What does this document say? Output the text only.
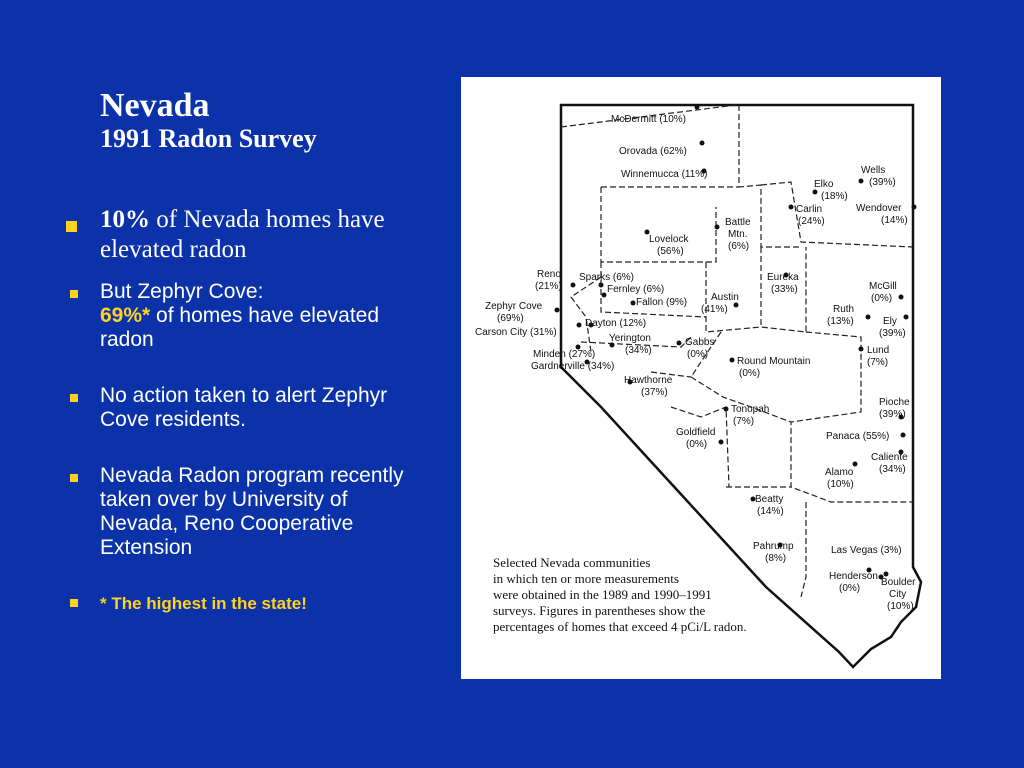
Nevada
1991 Radon Survey
10% of Nevada homes have elevated radon
But Zephyr Cove:
69%* of homes have elevated radon
No action taken to alert Zephyr Cove residents.
Nevada Radon program recently taken over by University of Nevada, Reno Cooperative Extension
* The highest in the state!
McDermitt (10%)
Orovada (62%)
Winnemucca (11%)	Wells
(39%)
Elko
(18%)
Carlin
(24%)
Wendover
(14%)
Battle
Mtn.
(6%)
Lovelock
(56%)
Reno
(21%)
Sparks (6%)
Fernley (6%)
Fallon (9%)
Zephyr Cove
(69%)
Carson City (31%)
Dayton (12%)
Austin
(41%)
Eureka
(33%)	McGill
(0%)
Ruth
(13%)	Ely
(39%)
Yerington
(34%)
Gabbs
(0%)
Minden (27%)
Gardnerville (34%)	Round Mountain
(0%)
Lund
(7%)
Hawthorne
(37%)
Tonopah
(7%)
Pioche
(39%)
Goldfield
(0%)
Panaca (55%)
Caliente
(34%)
Alamo
(10%)
Beatty
(14%)
Pahrump
(8%)
Las Vegas (3%)
Henderson
(0%)
Boulder
City
(10%)
Selected Nevada communities
in which ten or more measurements
were obtained in the 1989 and 1990–1991
surveys. Figures in parentheses show the
percentages of homes that exceed 4 pCi/L radon.
